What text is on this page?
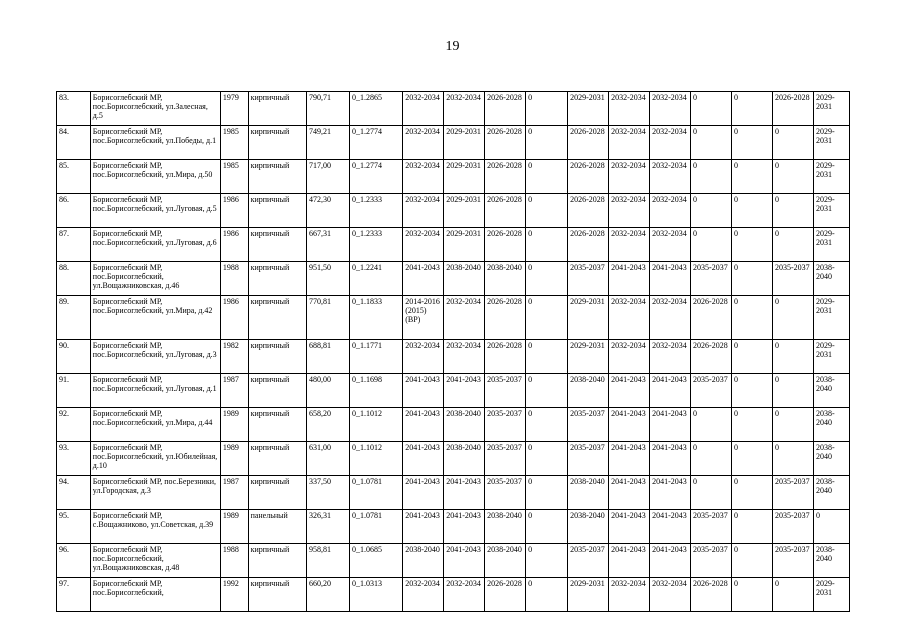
19
83.	Борисоглебский МР, пос.Борисоглебский, ул.Залесная, д.5	1979	кирпичный	790,71	0_1.2865	2032-2034	2032-2034	2026-2028	0	2029-2031	2032-2034	2032-2034	0	0	2026-2028	2029-2031
84.	Борисоглебский МР, пос.Борисоглебский, ул.Победы, д.1	1985	кирпичный	749,21	0_1.2774	2032-2034	2029-2031	2026-2028	0	2026-2028	2032-2034	2032-2034	0	0	0	2029-2031
85.	Борисоглебский МР, пос.Борисоглебский, ул.Мира, д.50	1985	кирпичный	717,00	0_1.2774	2032-2034	2029-2031	2026-2028	0	2026-2028	2032-2034	2032-2034	0	0	0	2029-2031
86.	Борисоглебский МР, пос.Борисоглебский, ул.Луговая, д.5	1986	кирпичный	472,30	0_1.2333	2032-2034	2029-2031	2026-2028	0	2026-2028	2032-2034	2032-2034	0	0	0	2029-2031
87.	Борисоглебский МР, пос.Борисоглебский, ул.Луговая, д.6	1986	кирпичный	667,31	0_1.2333	2032-2034	2029-2031	2026-2028	0	2026-2028	2032-2034	2032-2034	0	0	0	2029-2031
88.	Борисоглебский МР, пос.Борисоглебский, ул.Вощажниковская, д.46	1988	кирпичный	951,50	0_1.2241	2041-2043	2038-2040	2038-2040	0	2035-2037	2041-2043	2041-2043	2035-2037	0	2035-2037	2038-2040
89.	Борисоглебский МР, пос.Борисоглебский, ул.Мира, д.42	1986	кирпичный	770,81	0_1.1833	2014-2016 (2015) (ВР)	2032-2034	2026-2028	0	2029-2031	2032-2034	2032-2034	2026-2028	0	0	2029-2031
90.	Борисоглебский МР, пос.Борисоглебский, ул.Луговая, д.3	1982	кирпичный	688,81	0_1.1771	2032-2034	2032-2034	2026-2028	0	2029-2031	2032-2034	2032-2034	2026-2028	0	0	2029-2031
91.	Борисоглебский МР, пос.Борисоглебский, ул.Луговая, д.1	1987	кирпичный	480,00	0_1.1698	2041-2043	2041-2043	2035-2037	0	2038-2040	2041-2043	2041-2043	2035-2037	0	0	2038-2040
92.	Борисоглебский МР, пос.Борисоглебский, ул.Мира, д.44	1989	кирпичный	658,20	0_1.1012	2041-2043	2038-2040	2035-2037	0	2035-2037	2041-2043	2041-2043	0	0	0	2038-2040
93.	Борисоглебский МР, пос.Борисоглебский, ул.Юбилейная, д.10	1989	кирпичный	631,00	0_1.1012	2041-2043	2038-2040	2035-2037	0	2035-2037	2041-2043	2041-2043	0	0	0	2038-2040
94.	Борисоглебский МР, пос.Березники, ул.Городская, д.3	1987	кирпичный	337,50	0_1.0781	2041-2043	2041-2043	2035-2037	0	2038-2040	2041-2043	2041-2043	0	0	2035-2037	2038-2040
95.	Борисоглебский МР, с.Вощажниково, ул.Советская, д.39	1989	панельный	326,31	0_1.0781	2041-2043	2041-2043	2038-2040	0	2038-2040	2041-2043	2041-2043	2035-2037	0	2035-2037	0
96.	Борисоглебский МР, пос.Борисоглебский, ул.Вощажниковская, д.48	1988	кирпичный	958,81	0_1.0685	2038-2040	2041-2043	2038-2040	0	2035-2037	2041-2043	2041-2043	2035-2037	0	2035-2037	2038-2040
97.	Борисоглебский МР, пос.Борисоглебский,	1992	кирпичный	660,20	0_1.0313	2032-2034	2032-2034	2026-2028	0	2029-2031	2032-2034	2032-2034	2026-2028	0	0	2029-2031
